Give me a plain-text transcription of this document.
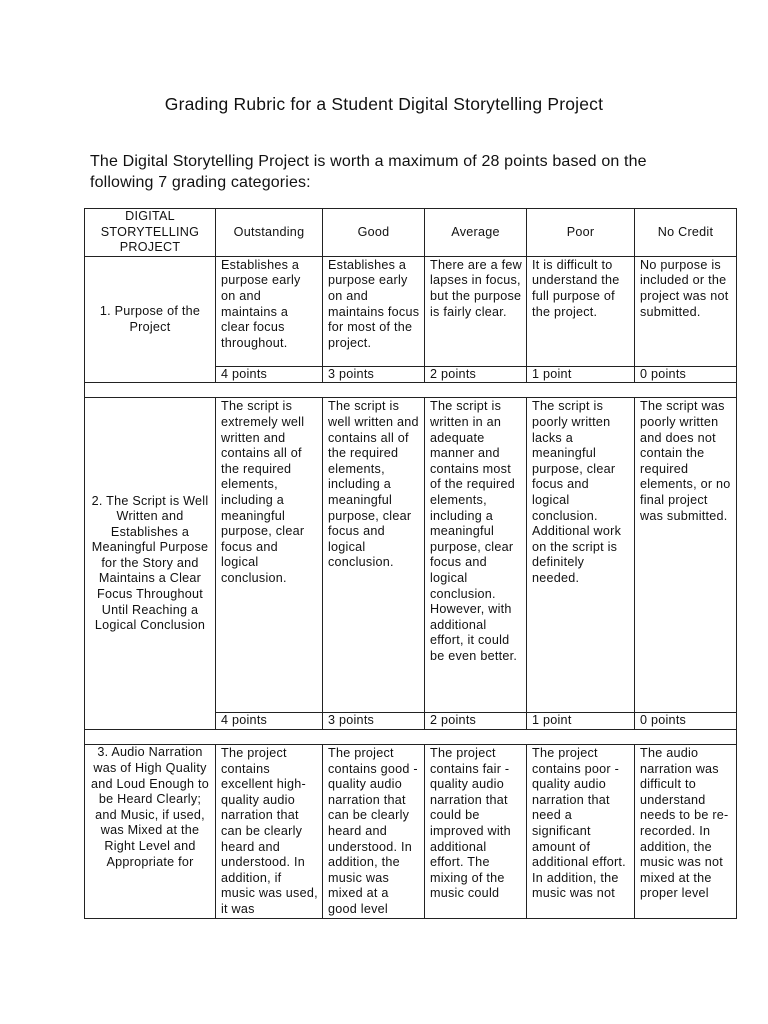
Grading Rubric for a Student Digital Storytelling Project
The Digital Storytelling Project is worth a maximum of 28 points based on the following 7 grading categories:
DIGITAL STORYTELLING PROJECT	Outstanding	Good	Average	Poor	No Credit
1. Purpose of the Project	Establishes a purpose early on and maintains a clear focus throughout.	Establishes a purpose early on and maintains focus for most of the project.	There are a few lapses in focus, but the purpose is fairly clear.	It is difficult to understand the full purpose of the project.	No purpose is included or the project was not submitted.
	4 points	3 points	2 points	1 point	0 points

2. The Script is Well Written and Establishes a Meaningful Purpose for the Story and Maintains a Clear Focus Throughout Until Reaching a Logical Conclusion	The script is extremely well written and contains all of the required elements, including a meaningful purpose, clear focus and logical conclusion.	The script is well written and contains all of the required elements, including a meaningful purpose, clear focus and logical conclusion.	The script is written in an adequate manner and contains most of the required elements, including a meaningful purpose, clear focus and logical conclusion. However, with additional effort, it could be even better.	The script is poorly written lacks a meaningful purpose, clear focus and logical conclusion. Additional work on the script is definitely needed.	The script was poorly written and does not contain the required elements, or no final project was submitted.
	4 points	3 points	2 points	1 point	0 points

3. Audio Narration was of High Quality and Loud Enough to be Heard Clearly; and Music, if used, was Mixed at the Right Level and Appropriate for	The project contains excellent high-quality audio narration that can be clearly heard and understood. In addition, if music was used, it was	The project contains good -quality audio narration that can be clearly heard and understood. In addition, the music was mixed at a good level	The project contains fair -quality audio narration that could be improved with additional effort. The mixing of the music could	The project contains poor -quality audio narration that need a significant amount of additional effort. In addition, the music was not	The audio narration was difficult to understand needs to be re-recorded. In addition, the music was not mixed at the proper level
